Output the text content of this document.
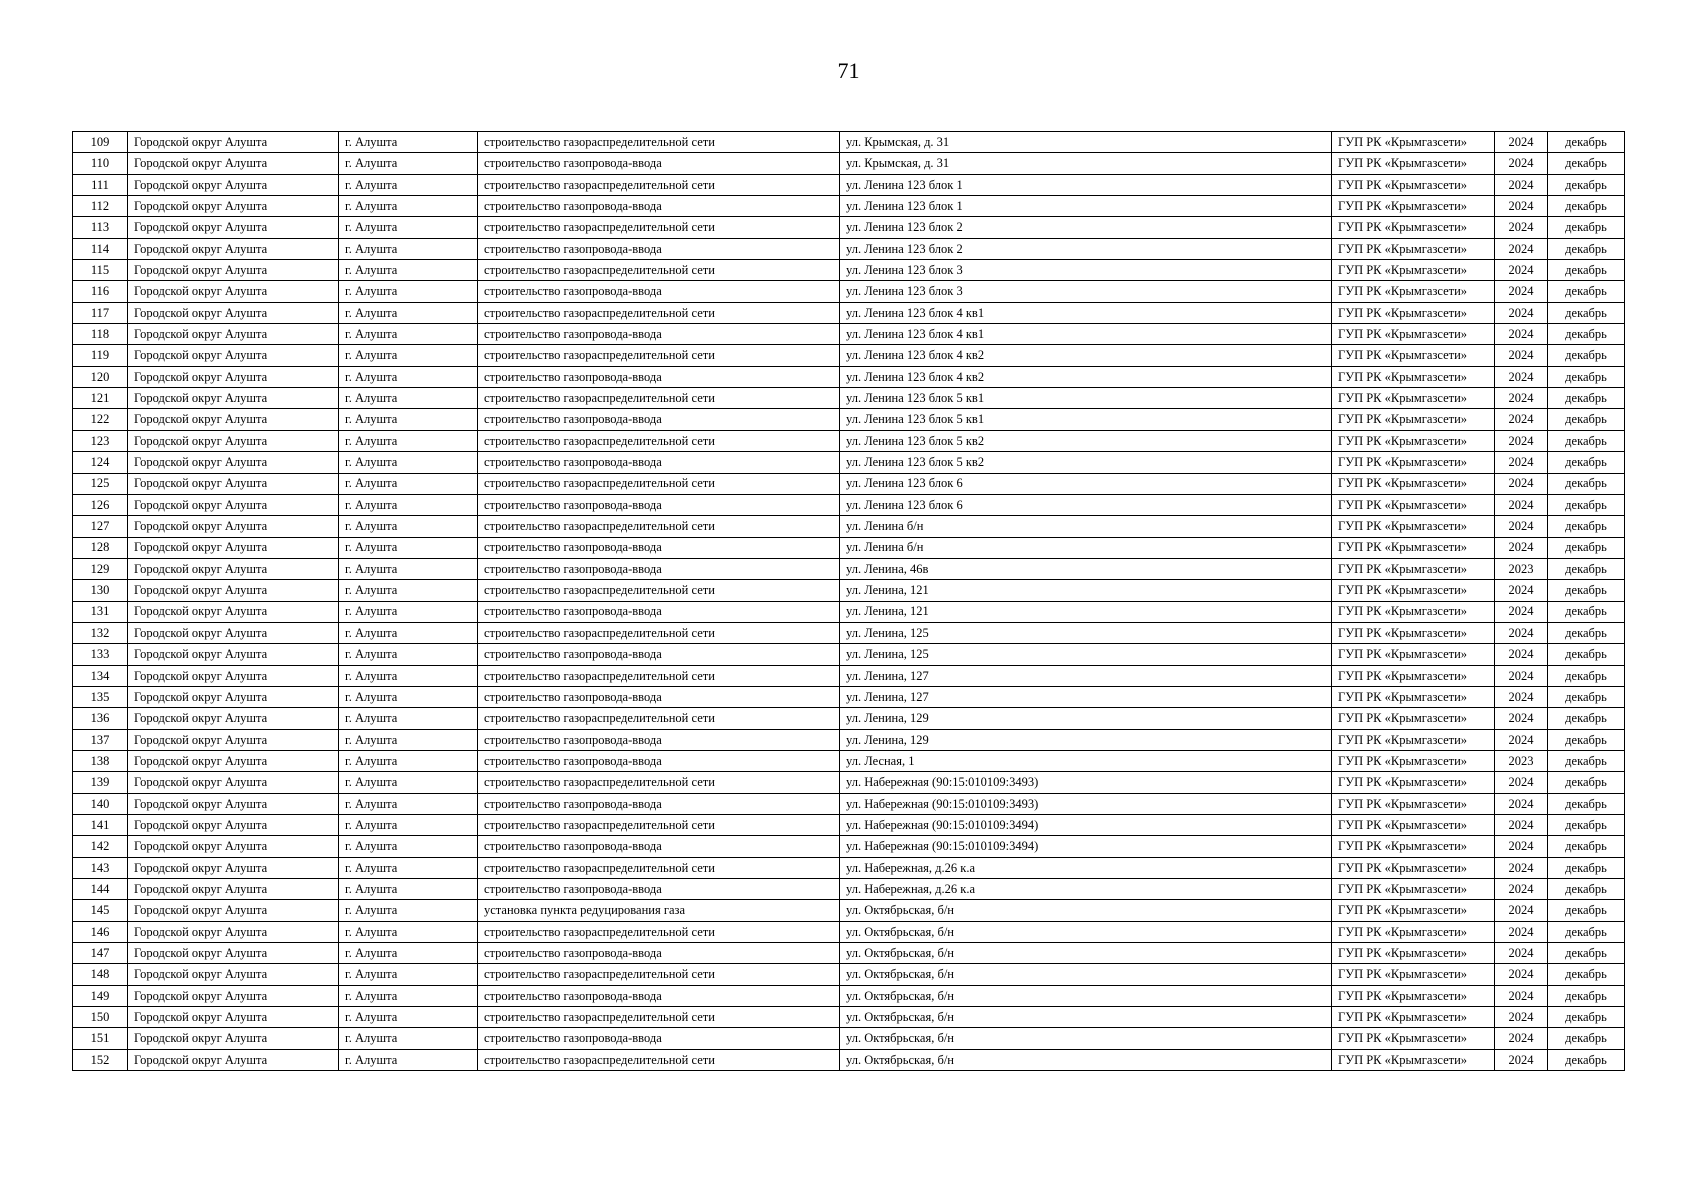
71
109	Городской округ Алушта	г. Алушта	строительство газораспределительной сети	ул. Крымская, д. 31	ГУП РК «Крымгазсети»	2024	декабрь
110	Городской округ Алушта	г. Алушта	строительство газопровода-ввода	ул. Крымская, д. 31	ГУП РК «Крымгазсети»	2024	декабрь
111	Городской округ Алушта	г. Алушта	строительство газораспределительной сети	ул. Ленина 123 блок 1	ГУП РК «Крымгазсети»	2024	декабрь
112	Городской округ Алушта	г. Алушта	строительство газопровода-ввода	ул. Ленина 123 блок 1	ГУП РК «Крымгазсети»	2024	декабрь
113	Городской округ Алушта	г. Алушта	строительство газораспределительной сети	ул. Ленина 123 блок 2	ГУП РК «Крымгазсети»	2024	декабрь
114	Городской округ Алушта	г. Алушта	строительство газопровода-ввода	ул. Ленина 123 блок 2	ГУП РК «Крымгазсети»	2024	декабрь
115	Городской округ Алушта	г. Алушта	строительство газораспределительной сети	ул. Ленина 123 блок 3	ГУП РК «Крымгазсети»	2024	декабрь
116	Городской округ Алушта	г. Алушта	строительство газопровода-ввода	ул. Ленина 123 блок 3	ГУП РК «Крымгазсети»	2024	декабрь
117	Городской округ Алушта	г. Алушта	строительство газораспределительной сети	ул. Ленина 123 блок 4 кв1	ГУП РК «Крымгазсети»	2024	декабрь
118	Городской округ Алушта	г. Алушта	строительство газопровода-ввода	ул. Ленина 123 блок 4 кв1	ГУП РК «Крымгазсети»	2024	декабрь
119	Городской округ Алушта	г. Алушта	строительство газораспределительной сети	ул. Ленина 123 блок 4 кв2	ГУП РК «Крымгазсети»	2024	декабрь
120	Городской округ Алушта	г. Алушта	строительство газопровода-ввода	ул. Ленина 123 блок 4 кв2	ГУП РК «Крымгазсети»	2024	декабрь
121	Городской округ Алушта	г. Алушта	строительство газораспределительной сети	ул. Ленина 123 блок 5 кв1	ГУП РК «Крымгазсети»	2024	декабрь
122	Городской округ Алушта	г. Алушта	строительство газопровода-ввода	ул. Ленина 123 блок 5 кв1	ГУП РК «Крымгазсети»	2024	декабрь
123	Городской округ Алушта	г. Алушта	строительство газораспределительной сети	ул. Ленина 123 блок 5 кв2	ГУП РК «Крымгазсети»	2024	декабрь
124	Городской округ Алушта	г. Алушта	строительство газопровода-ввода	ул. Ленина 123 блок 5 кв2	ГУП РК «Крымгазсети»	2024	декабрь
125	Городской округ Алушта	г. Алушта	строительство газораспределительной сети	ул. Ленина 123 блок 6	ГУП РК «Крымгазсети»	2024	декабрь
126	Городской округ Алушта	г. Алушта	строительство газопровода-ввода	ул. Ленина 123 блок 6	ГУП РК «Крымгазсети»	2024	декабрь
127	Городской округ Алушта	г. Алушта	строительство газораспределительной сети	ул. Ленина б/н	ГУП РК «Крымгазсети»	2024	декабрь
128	Городской округ Алушта	г. Алушта	строительство газопровода-ввода	ул. Ленина б/н	ГУП РК «Крымгазсети»	2024	декабрь
129	Городской округ Алушта	г. Алушта	строительство газопровода-ввода	ул. Ленина, 46в	ГУП РК «Крымгазсети»	2023	декабрь
130	Городской округ Алушта	г. Алушта	строительство газораспределительной сети	ул. Ленина, 121	ГУП РК «Крымгазсети»	2024	декабрь
131	Городской округ Алушта	г. Алушта	строительство газопровода-ввода	ул. Ленина, 121	ГУП РК «Крымгазсети»	2024	декабрь
132	Городской округ Алушта	г. Алушта	строительство газораспределительной сети	ул. Ленина, 125	ГУП РК «Крымгазсети»	2024	декабрь
133	Городской округ Алушта	г. Алушта	строительство газопровода-ввода	ул. Ленина, 125	ГУП РК «Крымгазсети»	2024	декабрь
134	Городской округ Алушта	г. Алушта	строительство газораспределительной сети	ул. Ленина, 127	ГУП РК «Крымгазсети»	2024	декабрь
135	Городской округ Алушта	г. Алушта	строительство газопровода-ввода	ул. Ленина, 127	ГУП РК «Крымгазсети»	2024	декабрь
136	Городской округ Алушта	г. Алушта	строительство газораспределительной сети	ул. Ленина, 129	ГУП РК «Крымгазсети»	2024	декабрь
137	Городской округ Алушта	г. Алушта	строительство газопровода-ввода	ул. Ленина, 129	ГУП РК «Крымгазсети»	2024	декабрь
138	Городской округ Алушта	г. Алушта	строительство газопровода-ввода	ул. Лесная, 1	ГУП РК «Крымгазсети»	2023	декабрь
139	Городской округ Алушта	г. Алушта	строительство газораспределительной сети	ул. Набережная (90:15:010109:3493)	ГУП РК «Крымгазсети»	2024	декабрь
140	Городской округ Алушта	г. Алушта	строительство газопровода-ввода	ул. Набережная (90:15:010109:3493)	ГУП РК «Крымгазсети»	2024	декабрь
141	Городской округ Алушта	г. Алушта	строительство газораспределительной сети	ул. Набережная (90:15:010109:3494)	ГУП РК «Крымгазсети»	2024	декабрь
142	Городской округ Алушта	г. Алушта	строительство газопровода-ввода	ул. Набережная (90:15:010109:3494)	ГУП РК «Крымгазсети»	2024	декабрь
143	Городской округ Алушта	г. Алушта	строительство газораспределительной сети	ул. Набережная, д.26 к.а	ГУП РК «Крымгазсети»	2024	декабрь
144	Городской округ Алушта	г. Алушта	строительство газопровода-ввода	ул. Набережная, д.26 к.а	ГУП РК «Крымгазсети»	2024	декабрь
145	Городской округ Алушта	г. Алушта	установка пункта редуцирования газа	ул. Октябрьская, б/н	ГУП РК «Крымгазсети»	2024	декабрь
146	Городской округ Алушта	г. Алушта	строительство газораспределительной сети	ул. Октябрьская, б/н	ГУП РК «Крымгазсети»	2024	декабрь
147	Городской округ Алушта	г. Алушта	строительство газопровода-ввода	ул. Октябрьская, б/н	ГУП РК «Крымгазсети»	2024	декабрь
148	Городской округ Алушта	г. Алушта	строительство газораспределительной сети	ул. Октябрьская, б/н	ГУП РК «Крымгазсети»	2024	декабрь
149	Городской округ Алушта	г. Алушта	строительство газопровода-ввода	ул. Октябрьская, б/н	ГУП РК «Крымгазсети»	2024	декабрь
150	Городской округ Алушта	г. Алушта	строительство газораспределительной сети	ул. Октябрьская, б/н	ГУП РК «Крымгазсети»	2024	декабрь
151	Городской округ Алушта	г. Алушта	строительство газопровода-ввода	ул. Октябрьская, б/н	ГУП РК «Крымгазсети»	2024	декабрь
152	Городской округ Алушта	г. Алушта	строительство газораспределительной сети	ул. Октябрьская, б/н	ГУП РК «Крымгазсети»	2024	декабрь
